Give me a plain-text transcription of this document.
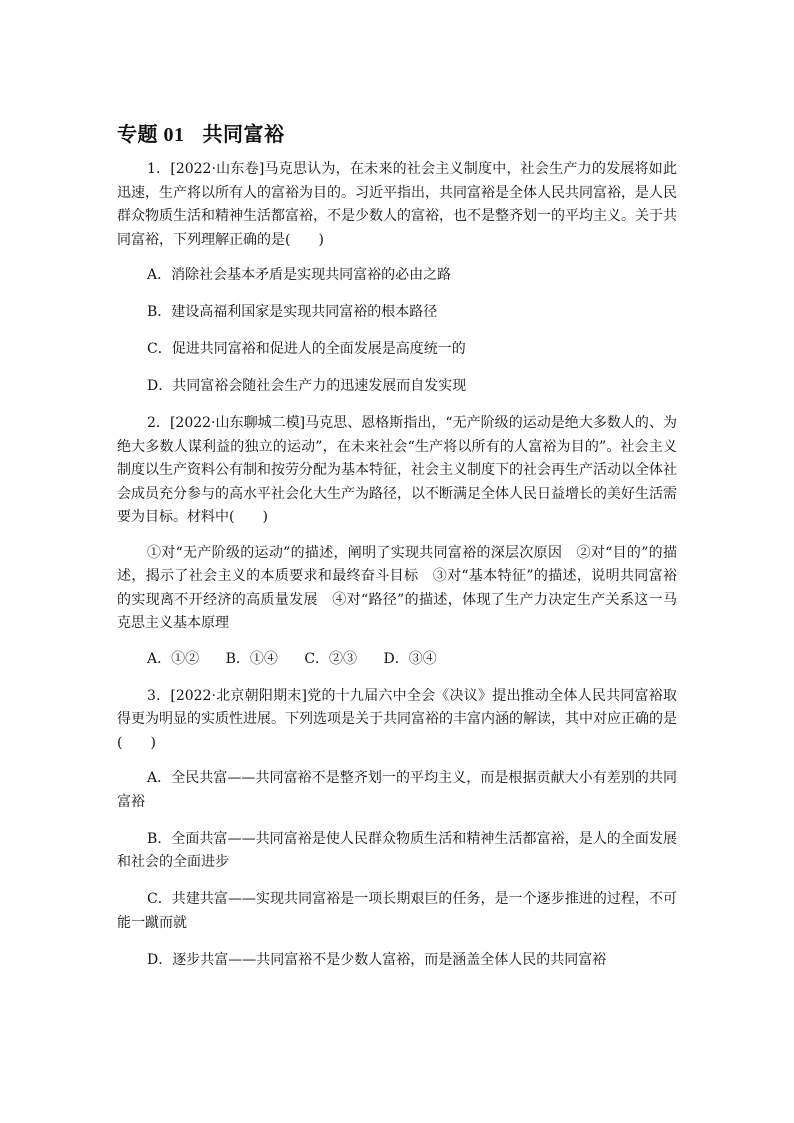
专题 01 共同富裕

1．[2022·山东卷]马克思认为，在未来的社会主义制度中，社会生产力的发展将如此迅速，生产将以所有人的富裕为目的。习近平指出，共同富裕是全体人民共同富裕，是人民群众物质生活和精神生活都富裕，不是少数人的富裕，也不是整齐划一的平均主义。关于共同富裕，下列理解正确的是(　　)

A．消除社会基本矛盾是实现共同富裕的必由之路

B．建设高福利国家是实现共同富裕的根本路径

C．促进共同富裕和促进人的全面发展是高度统一的

D．共同富裕会随社会生产力的迅速发展而自发实现

2．[2022·山东聊城二模]马克思、恩格斯指出，“无产阶级的运动是绝大多数人的、为绝大多数人谋利益的独立的运动”，在未来社会“生产将以所有的人富裕为目的”。社会主义制度以生产资料公有制和按劳分配为基本特征，社会主义制度下的社会再生产活动以全体社会成员充分参与的高水平社会化大生产为路径，以不断满足全体人民日益增长的美好生活需要为目标。材料中(　　)

①对“无产阶级的运动”的描述，阐明了实现共同富裕的深层次原因　②对“目的”的描述，揭示了社会主义的本质要求和最终奋斗目标　③对“基本特征”的描述，说明共同富裕的实现离不开经济的高质量发展　④对“路径”的描述，体现了生产力决定生产关系这一马克思主义基本原理

A．①② B．①④ C．②③ D．③④

3．[2022·北京朝阳期末]党的十九届六中全会《决议》提出推动全体人民共同富裕取得更为明显的实质性进展。下列选项是关于共同富裕的丰富内涵的解读，其中对应正确的是(　　)

A．全民共富——共同富裕不是整齐划一的平均主义，而是根据贡献大小有差别的共同富裕

B．全面共富——共同富裕是使人民群众物质生活和精神生活都富裕，是人的全面发展和社会的全面进步

C．共建共富——实现共同富裕是一项长期艰巨的任务，是一个逐步推进的过程，不可能一蹴而就

D．逐步共富——共同富裕不是少数人富裕，而是涵盖全体人民的共同富裕
